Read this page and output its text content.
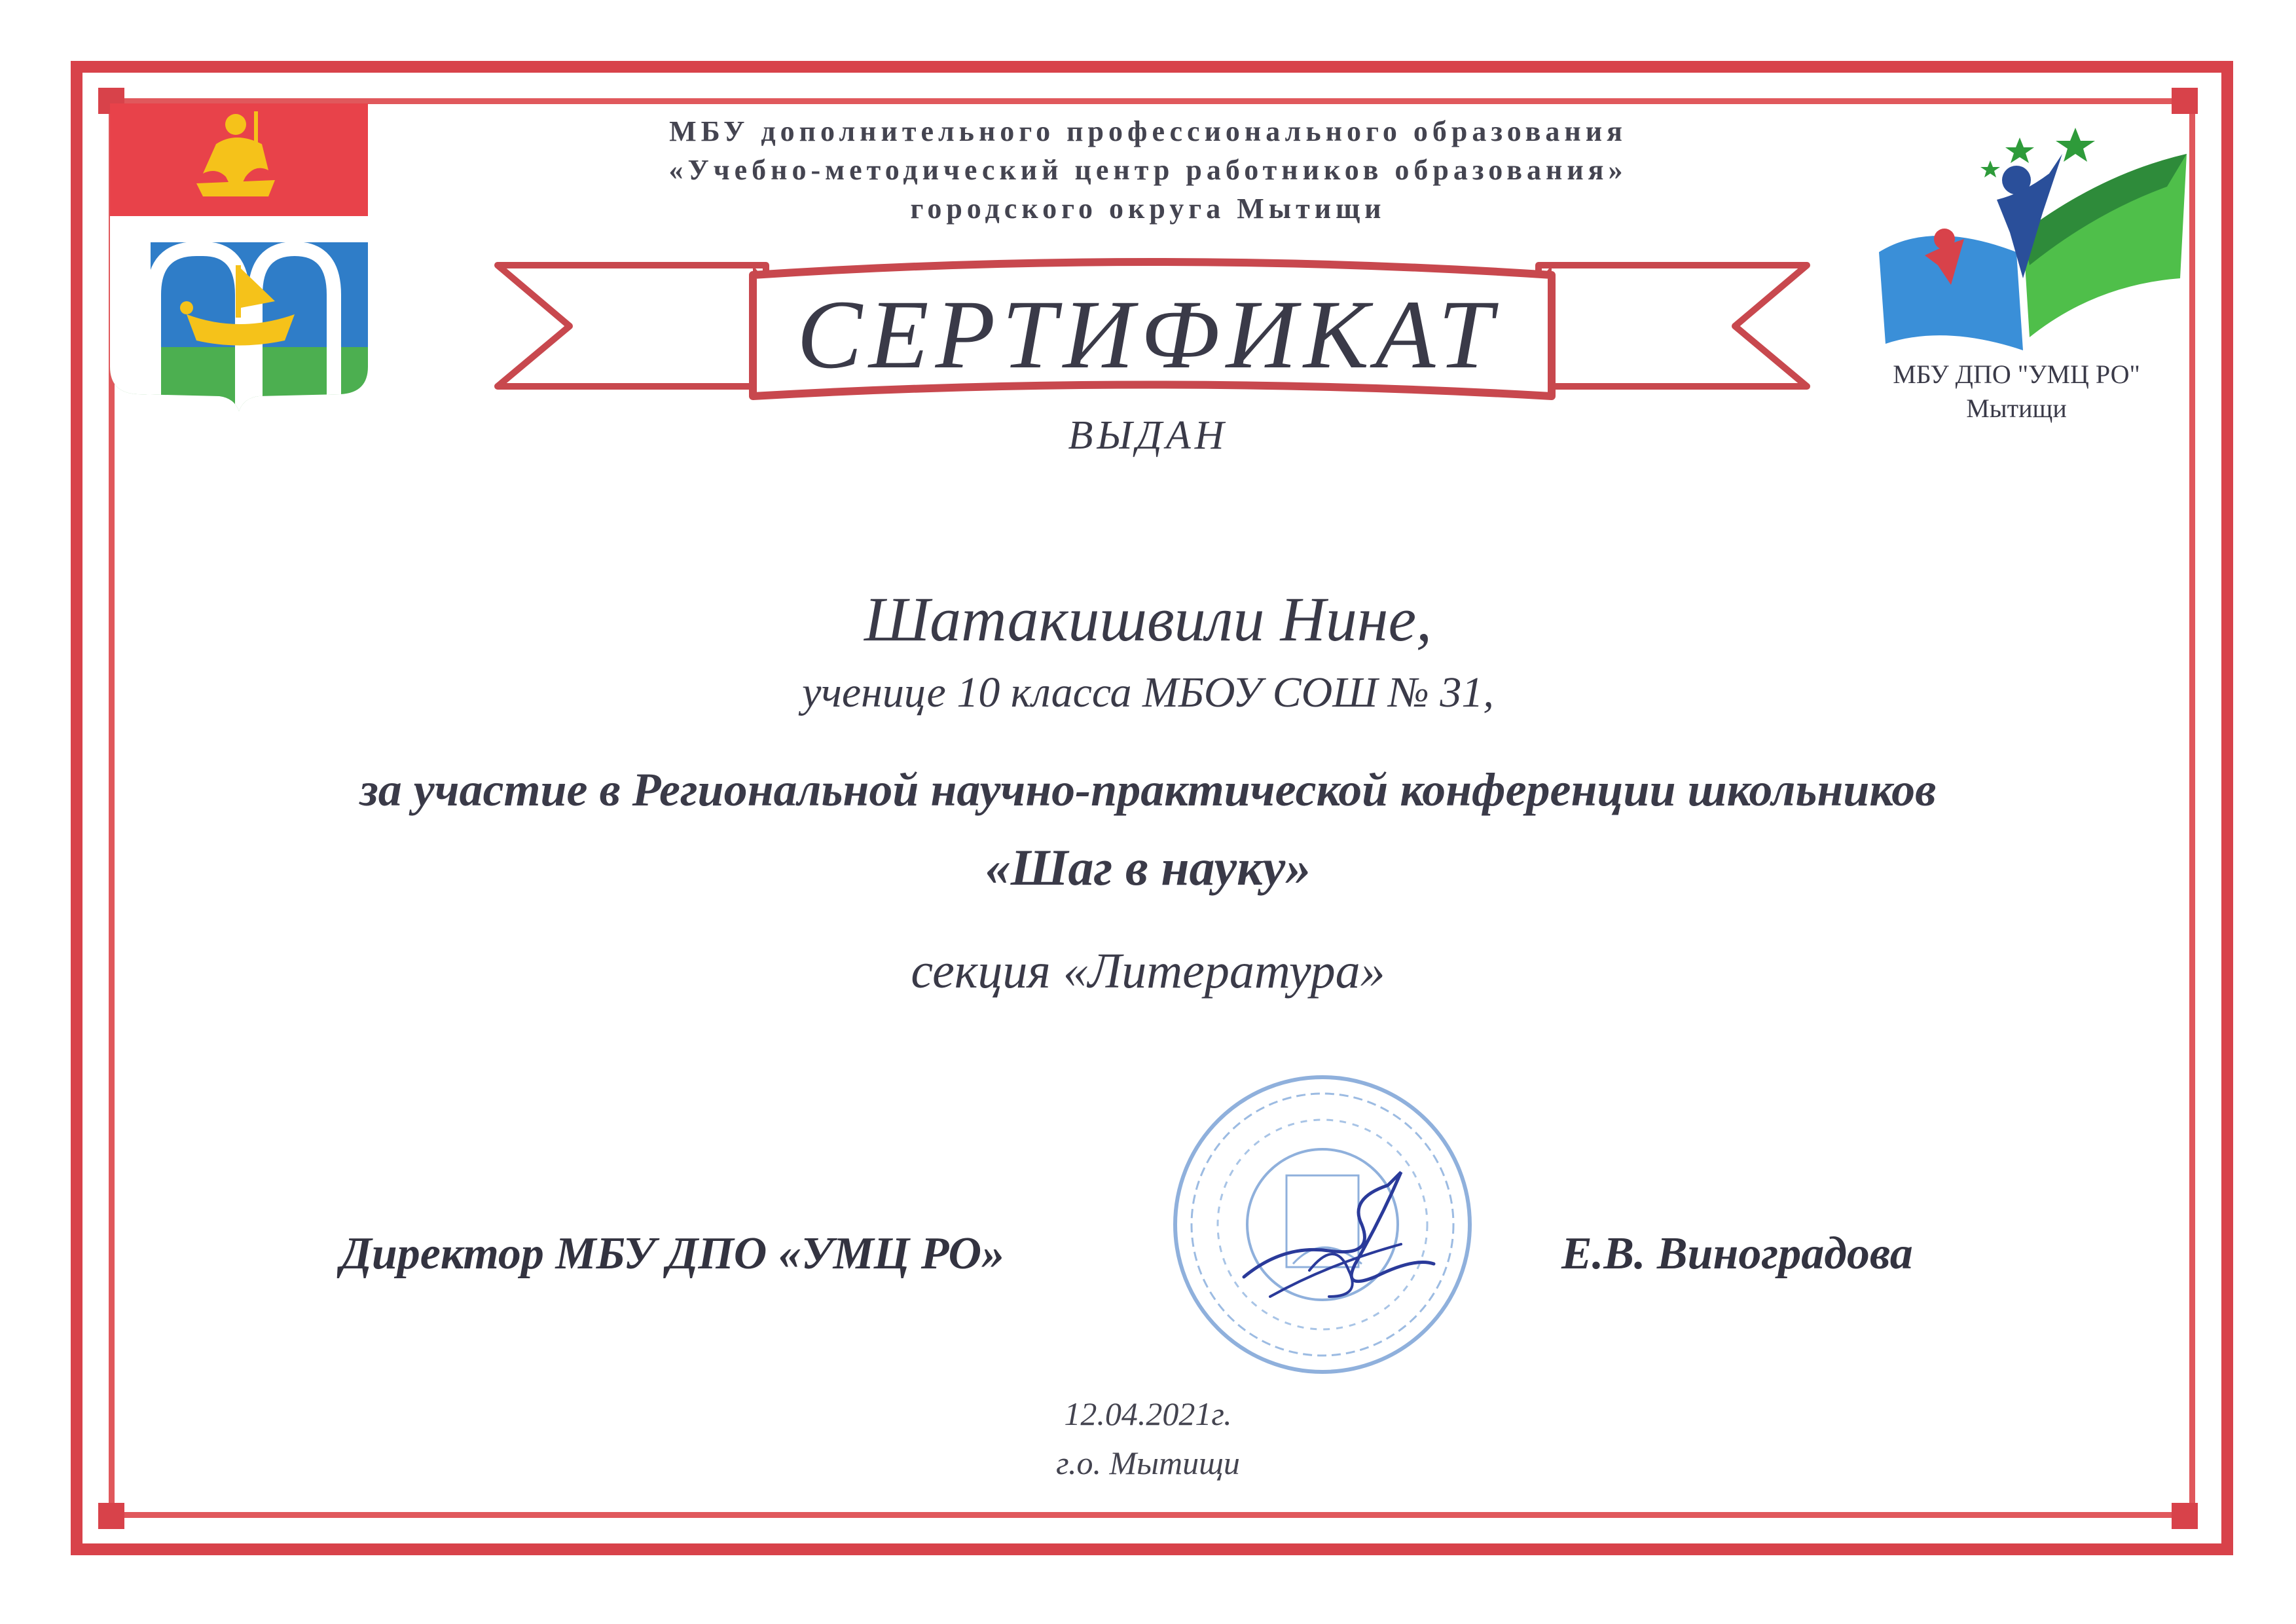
МБУ дополнительного профессионального образования
«Учебно-методический центр работников образования»
городского округа Мытищи
СЕРТИФИКАТ	МБУ ДПО "УМЦ РО"
Мытищи
ВЫДАН
Шатакишвили Нине,
ученице 10 класса МБОУ СОШ № 31,
за участие в Региональной научно-практической конференции школьников
«Шаг в науку»
секция «Литература»
Директор МБУ ДПО «УМЦ РО»	Е.В. Виноградова
12.04.2021г.
г.о. Мытищи
